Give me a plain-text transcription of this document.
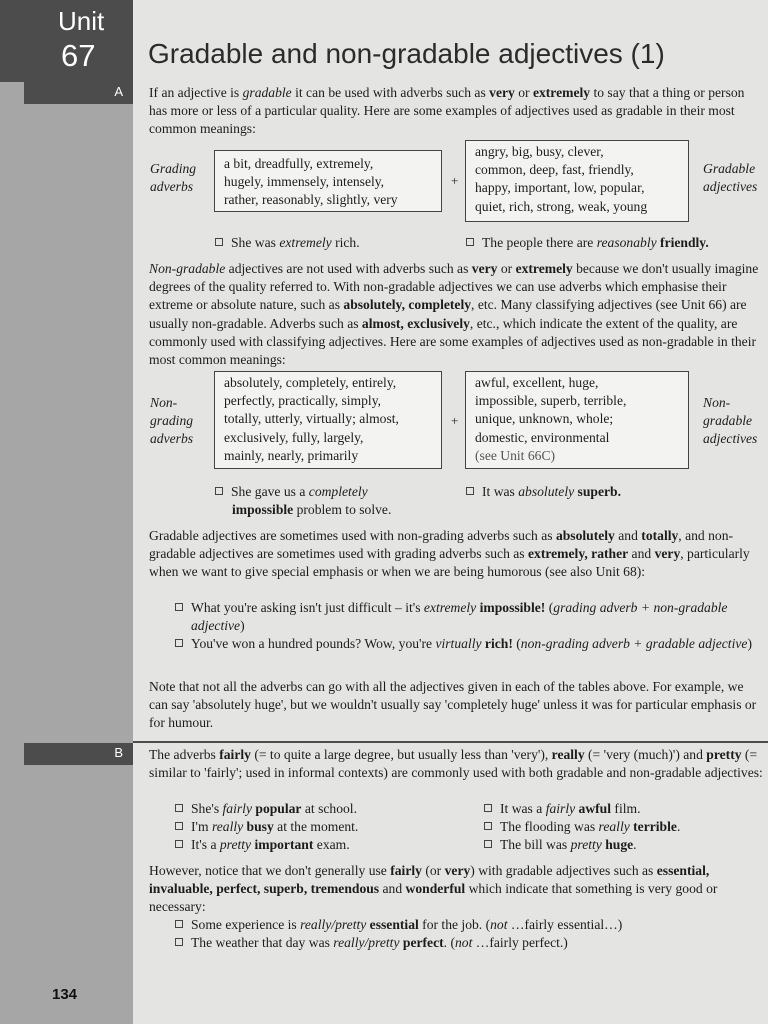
Unit
67
A
B
134
Gradable and non-gradable adjectives (1)
If an adjective is gradable it can be used with adverbs such as very or extremely to say that a thing or person has more or less of a particular quality. Here are some examples of adjectives used as gradable in their most common meanings:
Grading
adverbs
a bit, dreadfully, extremely,
hugely, immensely, intensely,
rather, reasonably, slightly, very
+
angry, big, busy, clever,
common, deep, fast, friendly,
happy, important, low, popular,
quiet, rich, strong, weak, young
Gradable
adjectives
She was extremely rich.	The people there are reasonably friendly.
Non-gradable adjectives are not used with adverbs such as very or extremely because we don't usually imagine degrees of the quality referred to. With non-gradable adjectives we can use adverbs which emphasise their extreme or absolute nature, such as absolutely, completely, etc. Many classifying adjectives (see Unit 66) are usually non-gradable. Adverbs such as almost, exclusively, etc., which indicate the extent of the quality, are commonly used with classifying adjectives. Here are some examples of adjectives used as non-gradable in their most common meanings:
Non-
grading
adverbs
absolutely, completely, entirely,
perfectly, practically, simply,
totally, utterly, virtually; almost,
exclusively, fully, largely,
mainly, nearly, primarily
+
awful, excellent, huge,
impossible, superb, terrible,
unique, unknown, whole;
domestic, environmental
(see Unit 66C)
Non-
gradable
adjectives
She gave us a completely
impossible problem to solve.
It was absolutely superb.
Gradable adjectives are sometimes used with non-grading adverbs such as absolutely and totally, and non-gradable adjectives are sometimes used with grading adverbs such as extremely, rather and very, particularly when we want to give special emphasis or when we are being humorous (see also Unit 68):
What you're asking isn't just difficult – it's extremely impossible! (grading adverb + non-gradable adjective)
You've won a hundred pounds? Wow, you're virtually rich! (non-grading adverb + gradable adjective)
Note that not all the adverbs can go with all the adjectives given in each of the tables above. For example, we can say 'absolutely huge', but we wouldn't usually say 'completely huge' unless it was for particular emphasis or for humour.
The adverbs fairly (= to quite a large degree, but usually less than 'very'), really (= 'very (much)') and pretty (= similar to 'fairly'; used in informal contexts) are commonly used with both gradable and non-gradable adjectives:
She's fairly popular at school.
I'm really busy at the moment.
It's a pretty important exam.
It was a fairly awful film.
The flooding was really terrible.
The bill was pretty huge.
However, notice that we don't generally use fairly (or very) with gradable adjectives such as essential, invaluable, perfect, superb, tremendous and wonderful which indicate that something is very good or necessary:
Some experience is really/pretty essential for the job. (not …fairly essential…)
The weather that day was really/pretty perfect. (not …fairly perfect.)
